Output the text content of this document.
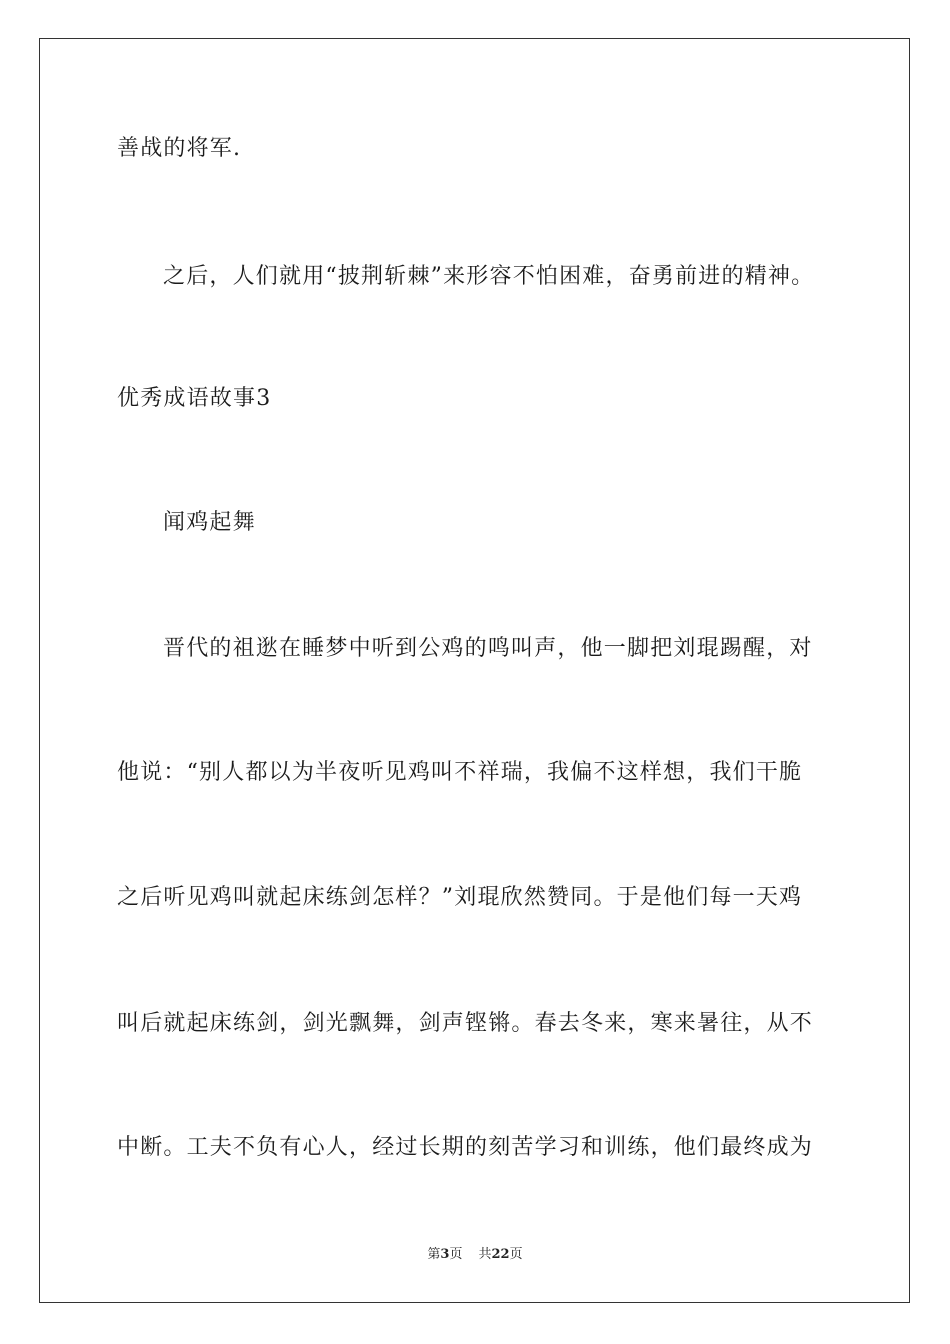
善战的将军.
之后，人们就用“披荆斩棘”来形容不怕困难，奋勇前进的精神。
优秀成语故事3
闻鸡起舞
晋代的祖逖在睡梦中听到公鸡的鸣叫声，他一脚把刘琨踢醒，对
他说：“别人都以为半夜听见鸡叫不祥瑞，我偏不这样想，我们干脆
之后听见鸡叫就起床练剑怎样？”刘琨欣然赞同。于是他们每一天鸡
叫后就起床练剑，剑光飘舞，剑声铿锵。春去冬来，寒来暑往，从不
中断。工夫不负有心人，经过长期的刻苦学习和训练，他们最终成为
第3页 共22页
